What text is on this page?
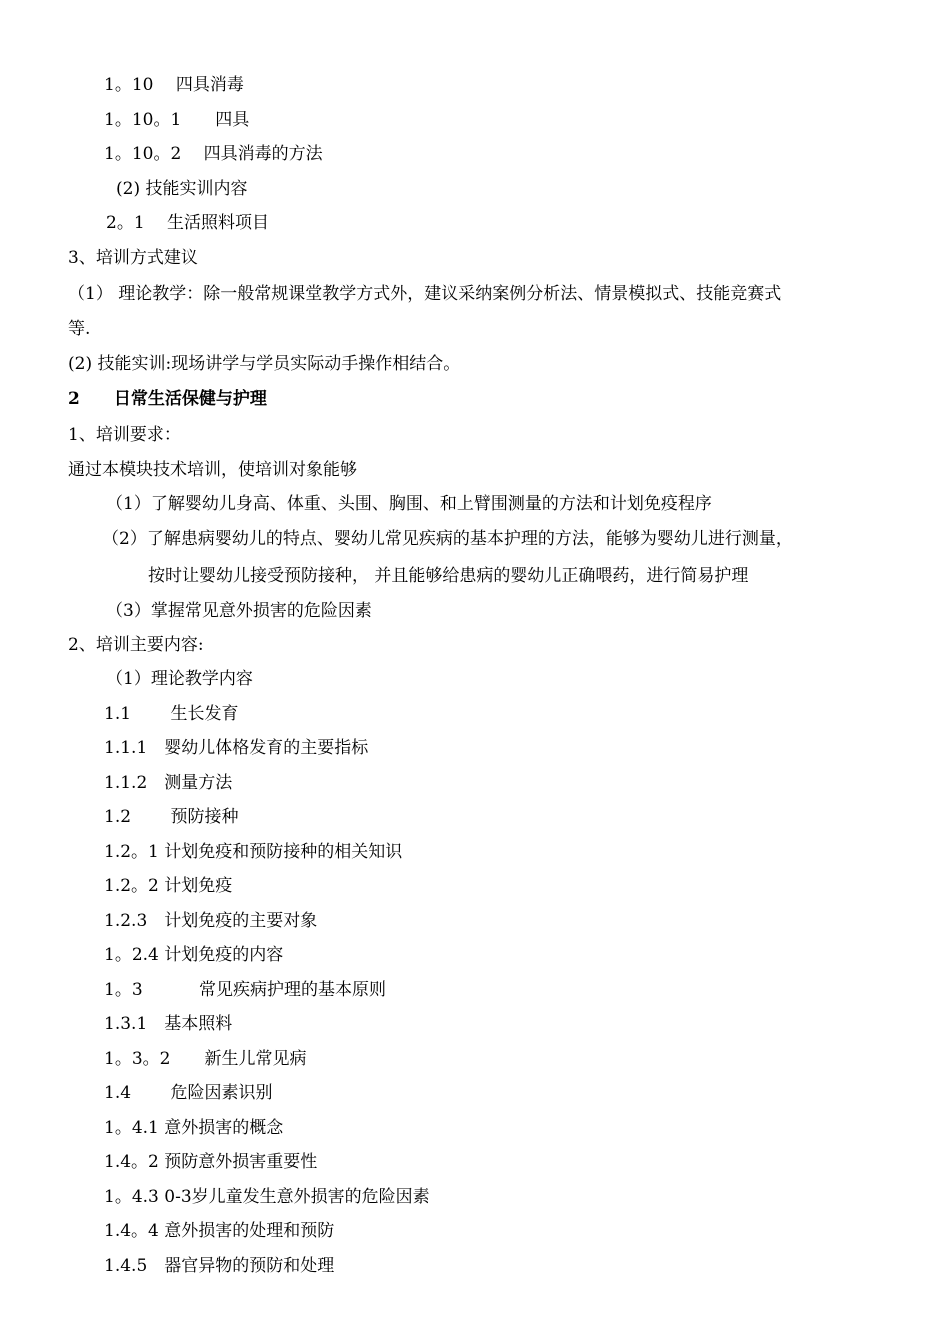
1。10　 四具消毒
1。10。1　　四具
1。10。2　 四具消毒的方法
(2) 技能实训内容
2。1　 生活照料项目
3、培训方式建议
（1） 理论教学：除一般常规课堂教学方式外，建议采纳案例分析法、情景模拟式、技能竞赛式
等.
(2) 技能实训:现场讲学与学员实际动手操作相结合。
2　　日常生活保健与护理
1、培训要求：
通过本模块技术培训，使培训对象能够
（1）了解婴幼儿身高、体重、头围、胸围、和上臂围测量的方法和计划免疫程序
（2）了解患病婴幼儿的特点、婴幼儿常见疾病的基本护理的方法，能够为婴幼儿进行测量，
按时让婴幼儿接受预防接种， 并且能够给患病的婴幼儿正确喂药，进行简易护理
（3）掌握常见意外损害的危险因素
2、培训主要内容:
（1）理论教学内容
1.1　　 生长发育
1.1.1　婴幼儿体格发育的主要指标
1.1.2　测量方法
1.2　　 预防接种
1.2。1 计划免疫和预防接种的相关知识
1.2。2 计划免疫
1.2.3　计划免疫的主要对象
1。2.4 计划免疫的内容
1。3　　　 常见疾病护理的基本原则
1.3.1　基本照料
1。3。2　　新生儿常见病
1.4　　 危险因素识别
1。4.1 意外损害的概念
1.4。2 预防意外损害重要性
1。4.3 0-3岁儿童发生意外损害的危险因素
1.4。4 意外损害的处理和预防
1.4.5　器官异物的预防和处理
